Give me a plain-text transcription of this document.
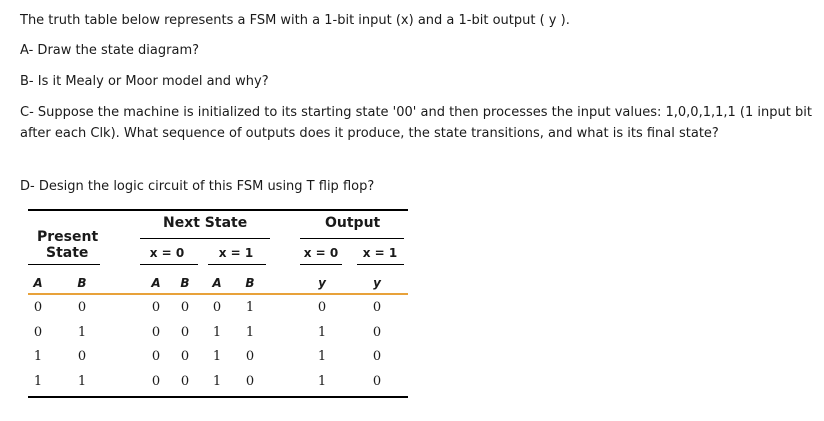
The truth table below represents a FSM with a 1-bit input (x) and a 1-bit output ( y ).
A- Draw the state diagram?
B- Is it Mealy or Moor model and why?
C- Suppose the machine is initialized to its starting state '00' and then processes the input values: 1,0,0,1,1,1 (1 input bit
after each Clk). What sequence of outputs does it produce, the state transitions, and what is its final state?
D- Design the logic circuit of this FSM using T flip flop?
Next State	Output
Present
State	x = 0	x = 1	x = 0 x = 1
A	B	A B A B	y	y
0	0	0 0 0 1	0	0
0	1	0 0 1 1	1	0
1	0	0 0 1 0	1	0
1	1	0 0 1 0	1	0
